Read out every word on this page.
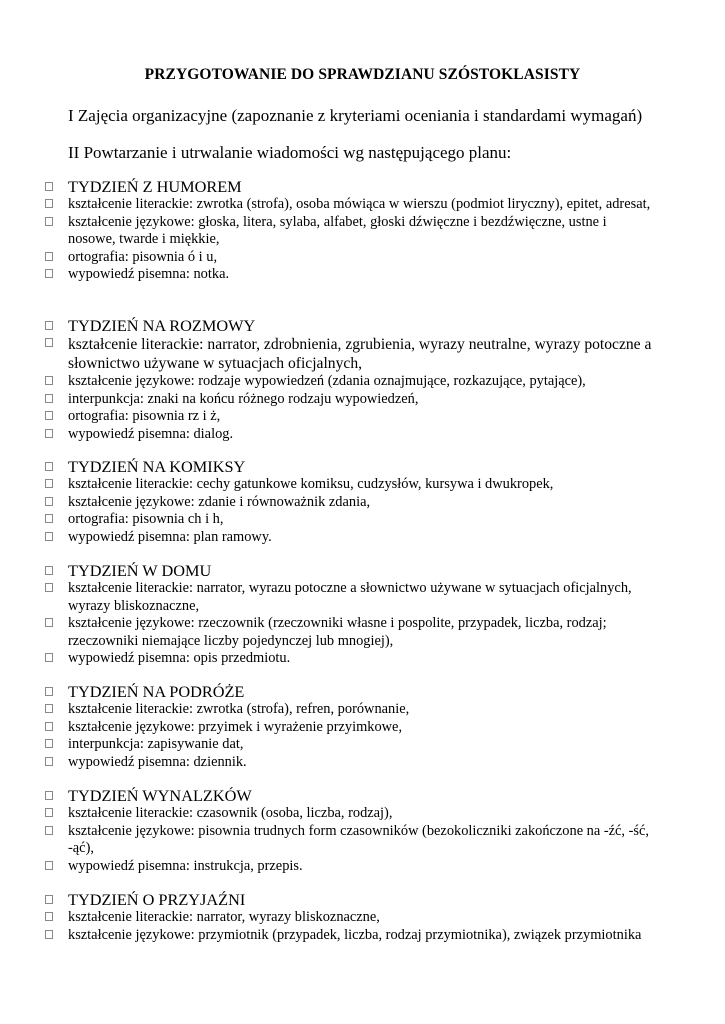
PRZYGOTOWANIE DO SPRAWDZIANU SZÓSTOKLASISTY
I Zajęcia organizacyjne (zapoznanie z kryteriami oceniania i standardami wymagań)
II Powtarzanie i utrwalanie wiadomości wg następującego planu:
TYDZIEŃ Z HUMOREM
kształcenie literackie: zwrotka (strofa), osoba mówiąca w wierszu (podmiot liryczny), epitet, adresat,
kształcenie językowe: głoska, litera, sylaba, alfabet, głoski dźwięczne i bezdźwięczne, ustne i nosowe, twarde i miękkie,
ortografia: pisownia ó i u,
wypowiedź pisemna: notka.
TYDZIEŃ NA ROZMOWY
kształcenie literackie: narrator, zdrobnienia, zgrubienia, wyrazy neutralne, wyrazy potoczne a słownictwo używane w sytuacjach oficjalnych,
kształcenie językowe: rodzaje wypowiedzeń (zdania oznajmujące, rozkazujące, pytające),
interpunkcja: znaki na końcu różnego rodzaju wypowiedzeń,
ortografia: pisownia rz i ż,
wypowiedź pisemna: dialog.
TYDZIEŃ NA KOMIKSY
kształcenie literackie: cechy gatunkowe komiksu, cudzysłów, kursywa i dwukropek,
kształcenie językowe: zdanie i równoważnik zdania,
ortografia: pisownia ch i h,
wypowiedź pisemna: plan ramowy.
TYDZIEŃ W DOMU
kształcenie literackie: narrator, wyrazu potoczne a słownictwo używane w sytuacjach oficjalnych, wyrazy bliskoznaczne,
kształcenie językowe: rzeczownik (rzeczowniki własne i pospolite, przypadek, liczba, rodzaj; rzeczowniki niemające liczby pojedynczej lub mnogiej),
wypowiedź pisemna: opis przedmiotu.
TYDZIEŃ NA PODRÓŻE
kształcenie literackie: zwrotka (strofa), refren, porównanie,
kształcenie językowe: przyimek i wyrażenie przyimkowe,
interpunkcja: zapisywanie dat,
wypowiedź pisemna: dziennik.
TYDZIEŃ WYNALZKÓW
kształcenie literackie: czasownik (osoba, liczba, rodzaj),
kształcenie językowe: pisownia trudnych form czasowników (bezokoliczniki zakończone na -źć, -ść, -ąć),
wypowiedź pisemna: instrukcja, przepis.
TYDZIEŃ O PRZYJAŹNI
kształcenie literackie: narrator, wyrazy bliskoznaczne,
kształcenie językowe: przymiotnik (przypadek, liczba, rodzaj przymiotnika), związek przymiotnika
